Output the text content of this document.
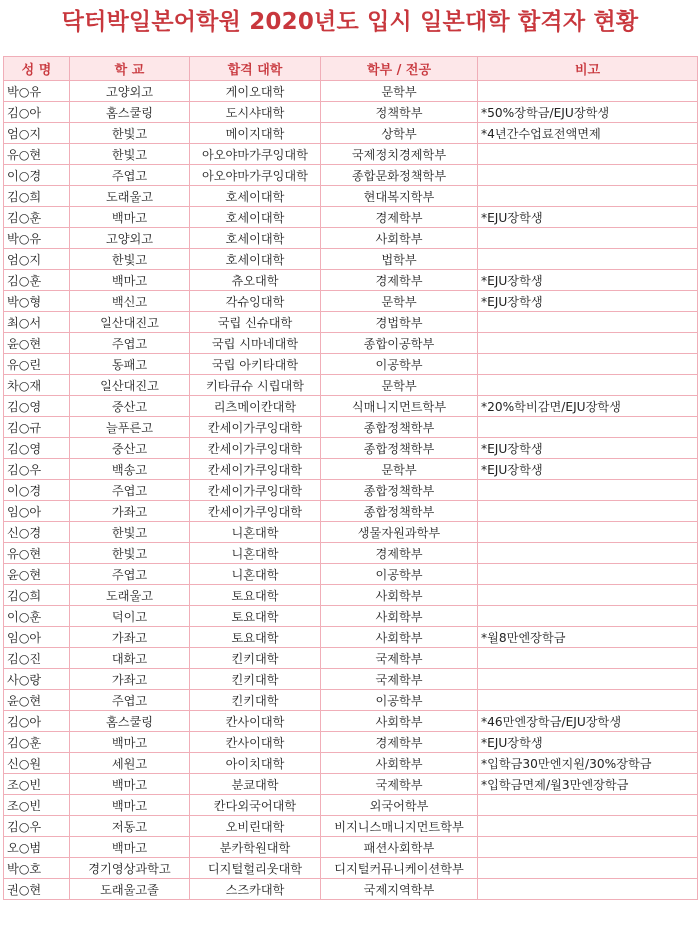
닥터박일본어학원 2020년도 입시 일본대학 합격자 현황
성 명	학 교	합격 대학	학부 / 전공	비고
박○유	고양외고	게이오대학	문학부	
김○아	홈스쿨링	도시샤대학	정책학부	*50%장학금/EJU장학생
엄○지	한빛고	메이지대학	상학부	*4년간수업료전액면제
유○현	한빛고	아오야마가쿠잉대학	국제정치경제학부	
이○경	주엽고	아오야마가쿠잉대학	종합문화정책학부	
김○희	도래울고	호세이대학	현대복지학부	
김○훈	백마고	호세이대학	경제학부	*EJU장학생
박○유	고양외고	호세이대학	사회학부	
엄○지	한빛고	호세이대학	법학부	
김○훈	백마고	츄오대학	경제학부	*EJU장학생
박○형	백신고	각슈잉대학	문학부	*EJU장학생
최○서	일산대진고	국립 신슈대학	경법학부	
윤○현	주엽고	국립 시마네대학	종합이공학부	
유○린	동패고	국립 아키타대학	이공학부	
차○재	일산대진고	키타큐슈 시립대학	문학부	
김○영	중산고	리츠메이칸대학	식매니지먼트학부	*20%학비감면/EJU장학생
김○규	늘푸른고	칸세이가쿠잉대학	종합정책학부	
김○영	중산고	칸세이가쿠잉대학	종합정책학부	*EJU장학생
김○우	백송고	칸세이가쿠잉대학	문학부	*EJU장학생
이○경	주엽고	칸세이가쿠잉대학	종합정책학부	
임○아	가좌고	칸세이가쿠잉대학	종합정책학부	
신○경	한빛고	니혼대학	생물자원과학부	
유○현	한빛고	니혼대학	경제학부	
윤○현	주엽고	니혼대학	이공학부	
김○희	도래울고	토요대학	사회학부	
이○훈	덕이고	토요대학	사회학부	
임○아	가좌고	토요대학	사회학부	*월8만엔장학금
김○진	대화고	킨키대학	국제학부	
사○랑	가좌고	킨키대학	국제학부	
윤○현	주엽고	킨키대학	이공학부	
김○아	홈스쿨링	칸사이대학	사회학부	*46만엔장학금/EJU장학생
김○훈	백마고	칸사이대학	경제학부	*EJU장학생
신○원	세원고	아이치대학	사회학부	*입학금30만엔지원/30%장학금
조○빈	백마고	분쿄대학	국제학부	*입학금면제/월3만엔장학금
조○빈	백마고	칸다외국어대학	외국어학부	
김○우	저동고	오비린대학	비지니스매니지먼트학부	
오○범	백마고	분카학원대학	패션사회학부	
박○호	경기영상과학고	디지털헐리웃대학	디지털커뮤니케이션학부	
권○현	도래울고졸	스즈카대학	국제지역학부	
